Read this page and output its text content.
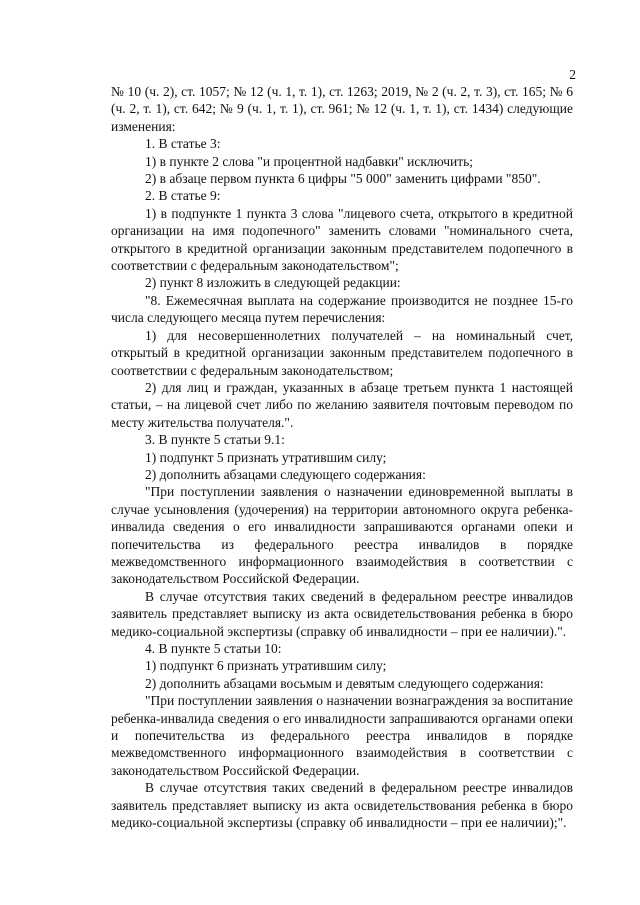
2

№ 10 (ч. 2), ст. 1057; № 12 (ч. 1, т. 1), ст. 1263; 2019, № 2 (ч. 2, т. 3), ст. 165; № 6 (ч. 2, т. 1), ст. 642; № 9 (ч. 1, т. 1), ст. 961; № 12 (ч. 1, т. 1), ст. 1434) следующие изменения:

1. В статье 3:

1) в пункте 2 слова "и процентной надбавки" исключить;

2) в абзаце первом пункта 6 цифры "5 000" заменить цифрами "850".

2. В статье 9:

1) в подпункте 1 пункта 3 слова "лицевого счета, открытого в кредитной организации на имя подопечного" заменить словами "номинального счета, открытого в кредитной организации законным представителем подопечного в соответствии с федеральным законодательством";

2) пункт 8 изложить в следующей редакции:

"8. Ежемесячная выплата на содержание производится не позднее 15-го числа следующего месяца путем перечисления:

1) для несовершеннолетних получателей – на номинальный счет, открытый в кредитной организации законным представителем подопечного в соответствии с федеральным законодательством;

2) для лиц и граждан, указанных в абзаце третьем пункта 1 настоящей статьи, – на лицевой счет либо по желанию заявителя почтовым переводом по месту жительства получателя.".

3. В пункте 5 статьи 9.1:

1) подпункт 5 признать утратившим силу;

2) дополнить абзацами следующего содержания:

"При поступлении заявления о назначении единовременной выплаты в случае усыновления (удочерения) на территории автономного округа ребенка-инвалида сведения о его инвалидности запрашиваются органами опеки и попечительства из федерального реестра инвалидов в порядке межведомственного информационного взаимодействия в соответствии с законодательством Российской Федерации.

В случае отсутствия таких сведений в федеральном реестре инвалидов заявитель представляет выписку из акта освидетельствования ребенка в бюро медико-социальной экспертизы (справку об инвалидности – при ее наличии).".

4. В пункте 5 статьи 10:

1) подпункт 6 признать утратившим силу;

2) дополнить абзацами восьмым и девятым следующего содержания:

"При поступлении заявления о назначении вознаграждения за воспитание ребенка-инвалида сведения о его инвалидности запрашиваются органами опеки и попечительства из федерального реестра инвалидов в порядке межведомственного информационного взаимодействия в соответствии с законодательством Российской Федерации.

В случае отсутствия таких сведений в федеральном реестре инвалидов заявитель представляет выписку из акта освидетельствования ребенка в бюро медико-социальной экспертизы (справку об инвалидности – при ее наличии);".
